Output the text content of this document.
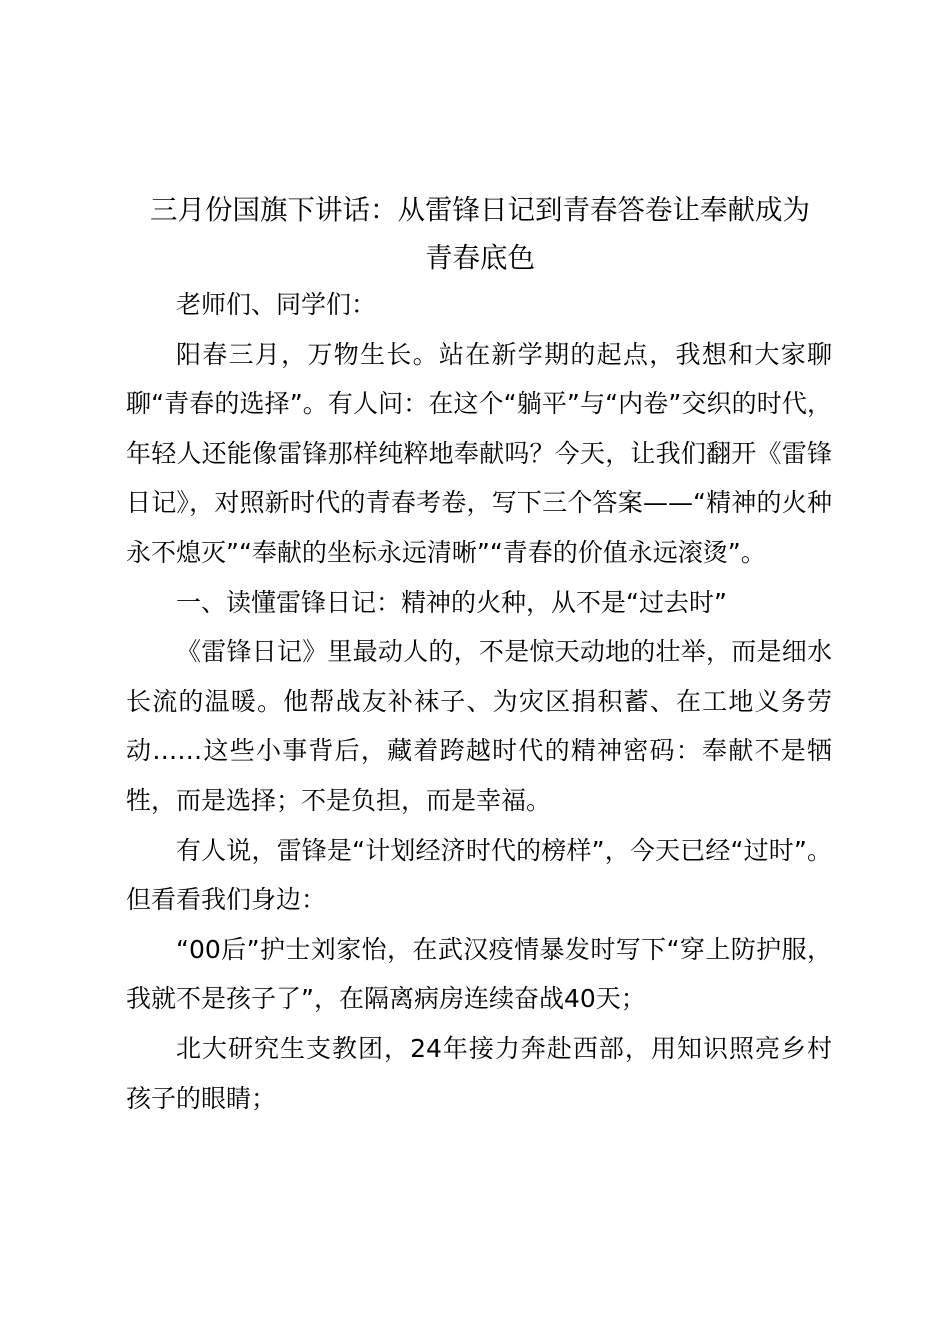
三月份国旗下讲话：从雷锋日记到青春答卷让奉献成为
青春底色

老师们、同学们：

阳春三月，万物生长。站在新学期的起点，我想和大家聊聊“青春的选择”。有人问：在这个“躺平”与“内卷”交织的时代，年轻人还能像雷锋那样纯粹地奉献吗？今天，让我们翻开《雷锋日记》，对照新时代的青春考卷，写下三个答案——“精神的火种永不熄灭”“奉献的坐标永远清晰”“青春的价值永远滚烫”。

一、读懂雷锋日记：精神的火种，从不是“过去时”

《雷锋日记》里最动人的，不是惊天动地的壮举，而是细水长流的温暖。他帮战友补袜子、为灾区捐积蓄、在工地义务劳动……这些小事背后，藏着跨越时代的精神密码：奉献不是牺牲，而是选择；不是负担，而是幸福。

有人说，雷锋是“计划经济时代的榜样”，今天已经“过时”。但看看我们身边：

“00后”护士刘家怡，在武汉疫情暴发时写下“穿上防护服，我就不是孩子了”，在隔离病房连续奋战40天；

北大研究生支教团，24年接力奔赴西部，用知识照亮乡村孩子的眼睛；
